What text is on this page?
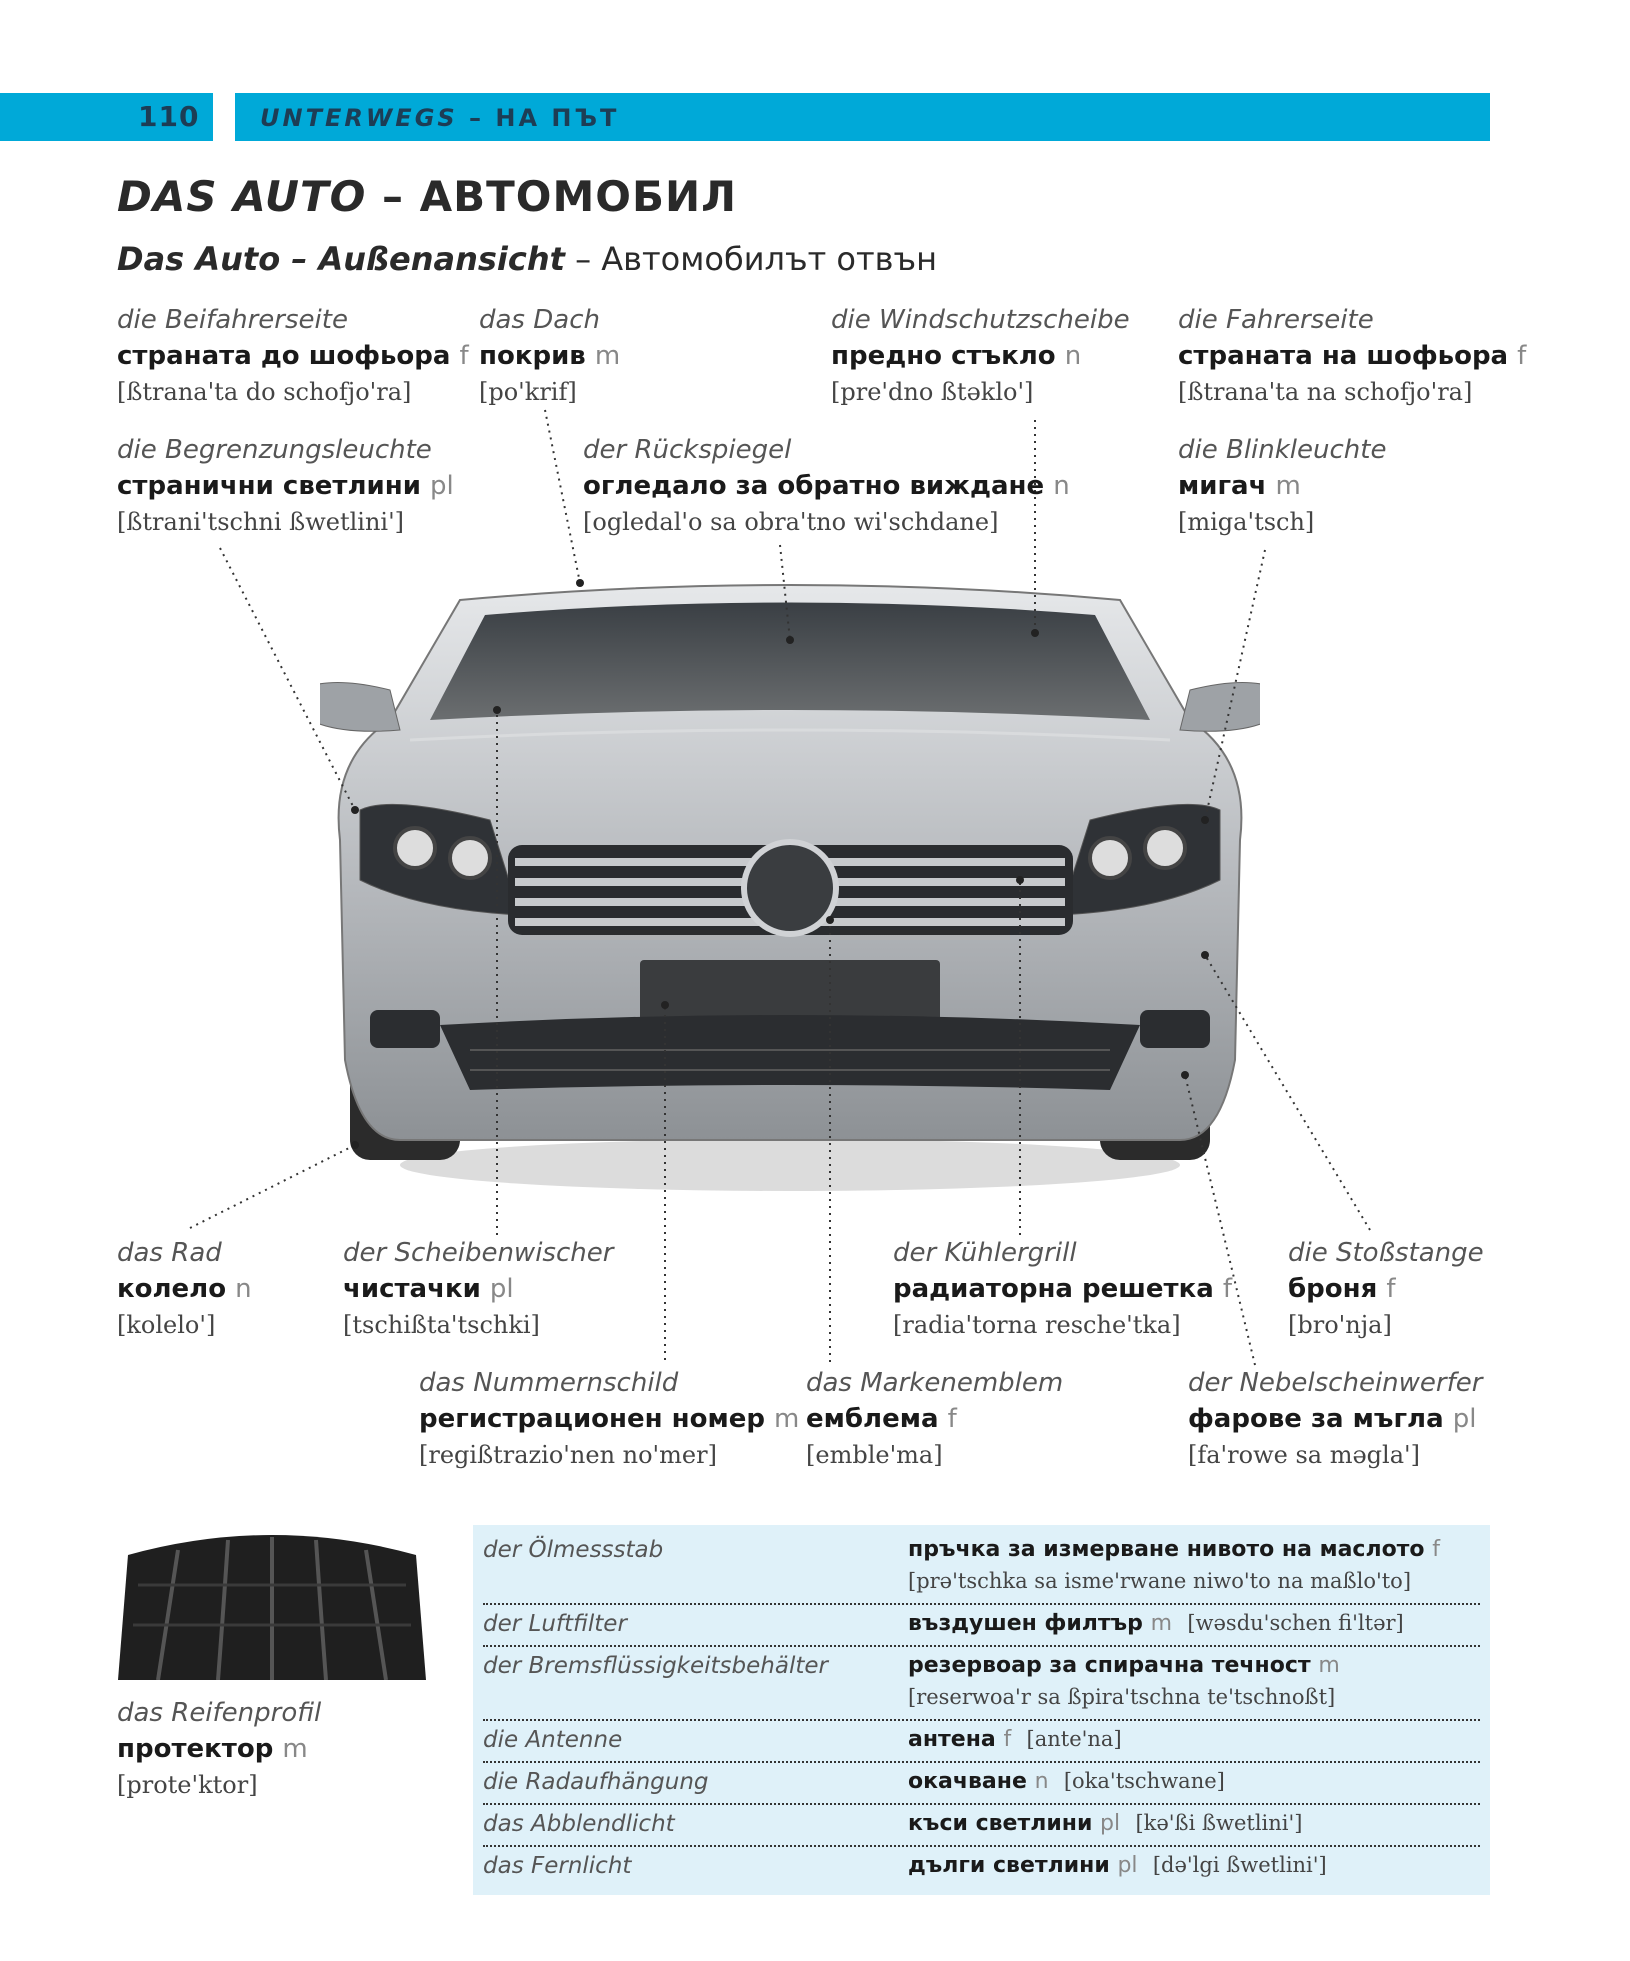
110	UNTERWEGS – НА ПЪТ
DAS AUTO – АВТОМОБИЛ
Das Auto – Außenansicht – Автомобилът отвън
die Beifahrerseite
страната до шофьора f
[ßtrana'ta do schofjo'ra]
das Dach
покрив m
[po'krif]
die Windschutzscheibe
предно стъкло n
[pre'dno ßtəklo']
die Fahrerseite
страната на шофьора f
[ßtrana'ta na schofjo'ra]
die Begrenzungsleuchte
странични светлини pl
[ßtrani'tschni ßwetlini']
der Rückspiegel
огледало за обратно виждане n
[ogledal'o sa obra'tno wi'schdane]
die Blinkleuchte
мигач m
[miga'tsch]
das Rad
колело n
[kolelo']
der Scheibenwischer
чистачки pl
[tschißta'tschki]
der Kühlergrill
радиаторна решетка f
[radia'torna resche'tka]
die Stoßstange
броня f
[bro'nja]
das Nummernschild
регистрационен номер m
[regißtrazio'nen no'mer]
das Markenemblem
емблема f
[emble'ma]
der Nebelscheinwerfer
фарове за мъгла pl
[fa'rowe sa məgla']
das Reifenprofil
протектор m
[prote'ktor]
der Ölmessstab	пръчка за измерване нивото на маслото f
[prə'tschka sa isme'rwane niwo'to na maßlo'to]
der Luftfilter	въздушен филтър m [wəsdu'schen fi'ltər]
der Bremsflüssigkeitsbehälter	резервоар за спирачна течност m
[reserwoa'r sa ßpira'tschna te'tschnoßt]
die Antenne	антена f [ante'na]
die Radaufhängung	окачване n [oka'tschwane]
das Abblendlicht	къси светлини pl [kə'ßi ßwetlini']
das Fernlicht	дълги светлини pl [də'lgi ßwetlini']
